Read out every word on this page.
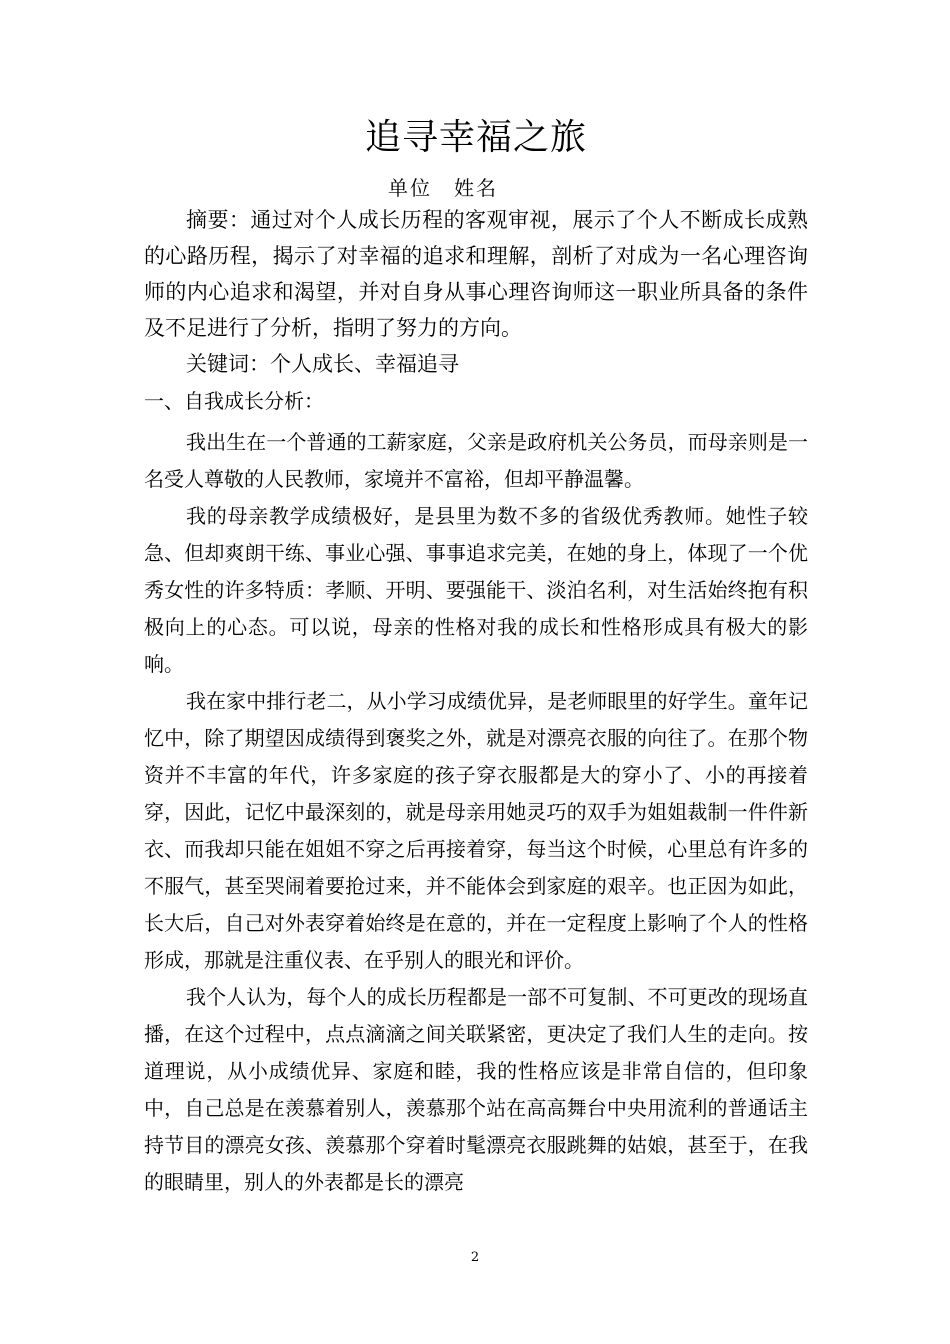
追寻幸福之旅

单位　姓名

摘要：通过对个人成长历程的客观审视，展示了个人不断成长成熟的心路历程，揭示了对幸福的追求和理解，剖析了对成为一名心理咨询师的内心追求和渴望，并对自身从事心理咨询师这一职业所具备的条件及不足进行了分析，指明了努力的方向。

关键词：个人成长、幸福追寻

一、自我成长分析：

我出生在一个普通的工薪家庭，父亲是政府机关公务员，而母亲则是一名受人尊敬的人民教师，家境并不富裕，但却平静温馨。

我的母亲教学成绩极好，是县里为数不多的省级优秀教师。她性子较急、但却爽朗干练、事业心强、事事追求完美，在她的身上，体现了一个优秀女性的许多特质：孝顺、开明、要强能干、淡泊名利，对生活始终抱有积极向上的心态。可以说，母亲的性格对我的成长和性格形成具有极大的影响。

我在家中排行老二，从小学习成绩优异，是老师眼里的好学生。童年记忆中，除了期望因成绩得到褒奖之外，就是对漂亮衣服的向往了。在那个物资并不丰富的年代，许多家庭的孩子穿衣服都是大的穿小了、小的再接着穿，因此，记忆中最深刻的，就是母亲用她灵巧的双手为姐姐裁制一件件新衣、而我却只能在姐姐不穿之后再接着穿，每当这个时候，心里总有许多的不服气，甚至哭闹着要抢过来，并不能体会到家庭的艰辛。也正因为如此，长大后，自己对外表穿着始终是在意的，并在一定程度上影响了个人的性格形成，那就是注重仪表、在乎别人的眼光和评价。

我个人认为，每个人的成长历程都是一部不可复制、不可更改的现场直播，在这个过程中，点点滴滴之间关联紧密，更决定了我们人生的走向。按道理说，从小成绩优异、家庭和睦，我的性格应该是非常自信的，但印象中，自己总是在羡慕着别人，羡慕那个站在高高舞台中央用流利的普通话主持节目的漂亮女孩、羡慕那个穿着时髦漂亮衣服跳舞的姑娘，甚至于，在我的眼睛里，别人的外表都是长的漂亮

2
